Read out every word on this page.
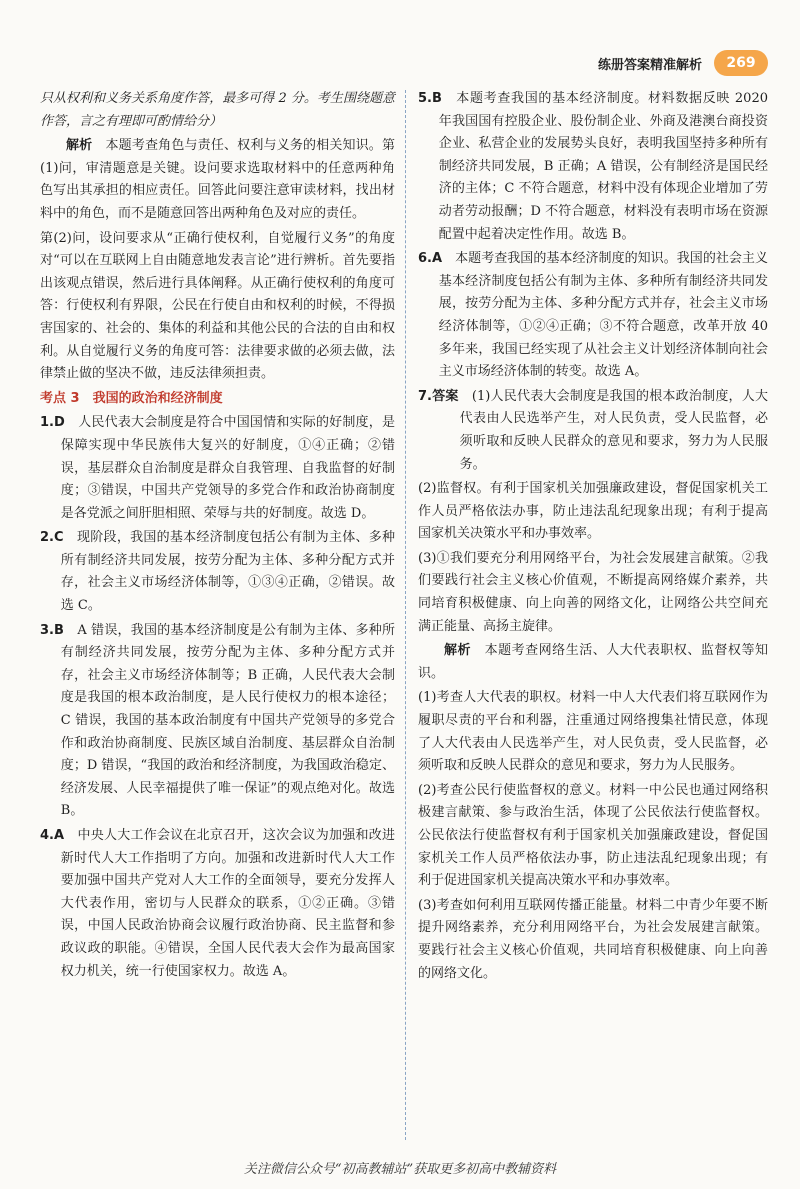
练册答案精准解析	269

只从权利和义务关系角度作答，最多可得 2 分。考生围绕题意作答，言之有理即可酌情给分）

解析　 本题考查角色与责任、权利与义务的相关知识。第(1)问，审清题意是关键。设问要求选取材料中的任意两种角色写出其承担的相应责任。回答此问要注意审读材料，找出材料中的角色，而不是随意回答出两种角色及对应的责任。

第(2)问，设问要求从“正确行使权利，自觉履行义务”的角度对“可以在互联网上自由随意地发表言论”进行辨析。首先要指出该观点错误，然后进行具体阐释。从正确行使权利的角度可答：行使权利有界限，公民在行使自由和权利的时候，不得损害国家的、社会的、集体的利益和其他公民的合法的自由和权利。从自觉履行义务的角度可答：法律要求做的必须去做，法律禁止做的坚决不做，违反法律须担责。

考点 3　我国的政治和经济制度

1.D　 人民代表大会制度是符合中国国情和实际的好制度，是保障实现中华民族伟大复兴的好制度，①④正确；②错误，基层群众自治制度是群众自我管理、自我监督的好制度；③错误，中国共产党领导的多党合作和政治协商制度是各党派之间肝胆相照、荣辱与共的好制度。故选 D。

2.C　 现阶段，我国的基本经济制度包括公有制为主体、多种所有制经济共同发展，按劳分配为主体、多种分配方式并存，社会主义市场经济体制等，①③④正确，②错误。故选 C。

3.B　 A 错误，我国的基本经济制度是公有制为主体、多种所有制经济共同发展，按劳分配为主体、多种分配方式并存，社会主义市场经济体制等；B 正确，人民代表大会制度是我国的根本政治制度，是人民行使权力的根本途径；C 错误，我国的基本政治制度有中国共产党领导的多党合作和政治协商制度、民族区域自治制度、基层群众自治制度；D 错误，“我国的政治和经济制度，为我国政治稳定、经济发展、人民幸福提供了唯一保证”的观点绝对化。故选 B。

4.A　 中央人大工作会议在北京召开，这次会议为加强和改进新时代人大工作指明了方向。加强和改进新时代人大工作要加强中国共产党对人大工作的全面领导，要充分发挥人大代表作用，密切与人民群众的联系，①②正确。③错误，中国人民政治协商会议履行政治协商、民主监督和参政议政的职能。④错误，全国人民代表大会作为最高国家权力机关，统一行使国家权力。故选 A。

5.B　 本题考查我国的基本经济制度。材料数据反映 2020 年我国国有控股企业、股份制企业、外商及港澳台商投资企业、私营企业的发展势头良好，表明我国坚持多种所有制经济共同发展，B 正确；A 错误，公有制经济是国民经济的主体；C 不符合题意，材料中没有体现企业增加了劳动者劳动报酬；D 不符合题意，材料没有表明市场在资源配置中起着决定性作用。故选 B。

6.A　 本题考查我国的基本经济制度的知识。我国的社会主义基本经济制度包括公有制为主体、多种所有制经济共同发展，按劳分配为主体、多种分配方式并存，社会主义市场经济体制等，①②④正确；③不符合题意，改革开放 40 多年来，我国已经实现了从社会主义计划经济体制向社会主义市场经济体制的转变。故选 A。

7.答案　 (1)人民代表大会制度是我国的根本政治制度，人大代表由人民选举产生，对人民负责，受人民监督，必须听取和反映人民群众的意见和要求，努力为人民服务。

(2)监督权。有利于国家机关加强廉政建设，督促国家机关工作人员严格依法办事，防止违法乱纪现象出现；有利于提高国家机关决策水平和办事效率。

(3)①我们要充分利用网络平台，为社会发展建言献策。②我们要践行社会主义核心价值观，不断提高网络媒介素养，共同培育积极健康、向上向善的网络文化，让网络公共空间充满正能量、高扬主旋律。

解析　 本题考查网络生活、人大代表职权、监督权等知识。

(1)考查人大代表的职权。材料一中人大代表们将互联网作为履职尽责的平台和利器，注重通过网络搜集社情民意，体现了人大代表由人民选举产生，对人民负责，受人民监督，必须听取和反映人民群众的意见和要求，努力为人民服务。

(2)考查公民行使监督权的意义。材料一中公民也通过网络积极建言献策、参与政治生活，体现了公民依法行使监督权。公民依法行使监督权有利于国家机关加强廉政建设，督促国家机关工作人员严格依法办事，防止违法乱纪现象出现；有利于促进国家机关提高决策水平和办事效率。

(3)考查如何利用互联网传播正能量。材料二中青少年要不断提升网络素养，充分利用网络平台，为社会发展建言献策。要践行社会主义核心价值观，共同培育积极健康、向上向善的网络文化。

关注微信公众号“初高教辅站”获取更多初高中教辅资料
